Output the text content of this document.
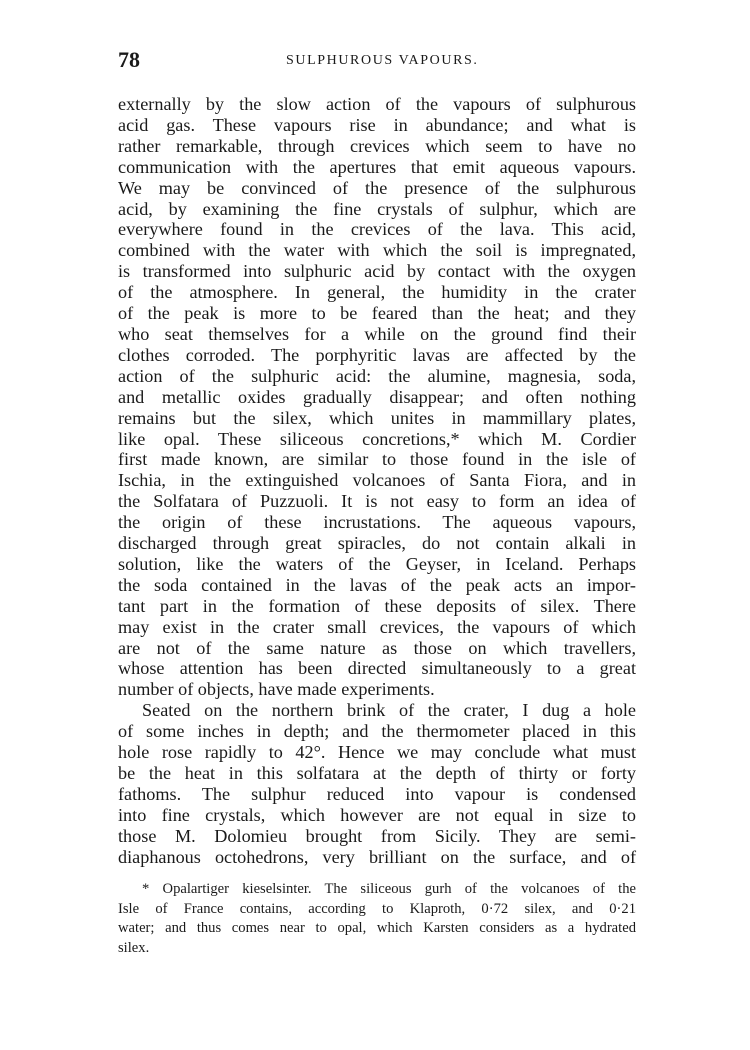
78	SULPHUROUS VAPOURS.
externally by the slow action of the vapours of sulphurous
acid gas. These vapours rise in abundance; and what is
rather remarkable, through crevices which seem to have no
communication with the apertures that emit aqueous vapours.
We may be convinced of the presence of the sulphurous
acid, by examining the fine crystals of sulphur, which are
everywhere found in the crevices of the lava. This acid,
combined with the water with which the soil is impregnated,
is transformed into sulphuric acid by contact with the oxygen
of the atmosphere. In general, the humidity in the crater
of the peak is more to be feared than the heat; and they
who seat themselves for a while on the ground find their
clothes corroded. The porphyritic lavas are affected by the
action of the sulphuric acid: the alumine, magnesia, soda,
and metallic oxides gradually disappear; and often nothing
remains but the silex, which unites in mammillary plates,
like opal. These siliceous concretions,* which M. Cordier
first made known, are similar to those found in the isle of
Ischia, in the extinguished volcanoes of Santa Fiora, and in
the Solfatara of Puzzuoli. It is not easy to form an idea of
the origin of these incrustations. The aqueous vapours,
discharged through great spiracles, do not contain alkali in
solution, like the waters of the Geyser, in Iceland. Perhaps
the soda contained in the lavas of the peak acts an impor-
tant part in the formation of these deposits of silex. There
may exist in the crater small crevices, the vapours of which
are not of the same nature as those on which travellers,
whose attention has been directed simultaneously to a great
number of objects, have made experiments.
Seated on the northern brink of the crater, I dug a hole
of some inches in depth; and the thermometer placed in this
hole rose rapidly to 42°. Hence we may conclude what must
be the heat in this solfatara at the depth of thirty or forty
fathoms. The sulphur reduced into vapour is condensed
into fine crystals, which however are not equal in size to
those M. Dolomieu brought from Sicily. They are semi-
diaphanous octohedrons, very brilliant on the surface, and of
* Opalartiger kieselsinter. The siliceous gurh of the volcanoes of the
Isle of France contains, according to Klaproth, 0·72 silex, and 0·21
water; and thus comes near to opal, which Karsten considers as a hydrated
silex.
